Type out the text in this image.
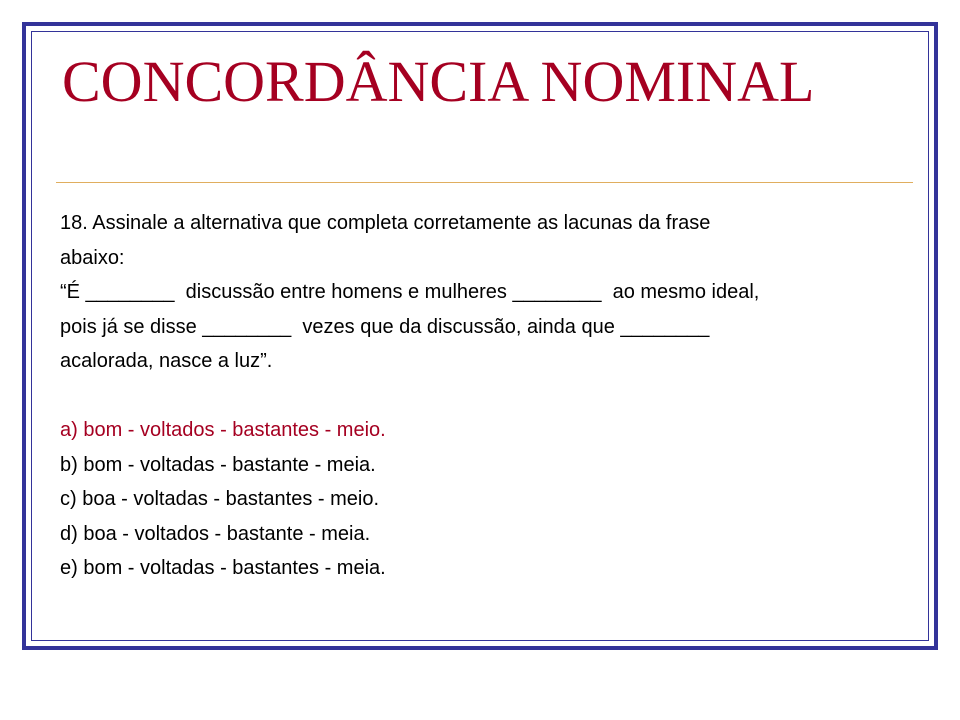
CONCORDÂNCIA NOMINAL
18. Assinale a alternativa que completa corretamente as lacunas da frase
abaixo:
“É ________  discussão entre homens e mulheres ________  ao mesmo ideal,
pois já se disse ________  vezes que da discussão, ainda que ________
acalorada, nasce a luz”.
a) bom - voltados - bastantes - meio.
b) bom - voltadas - bastante - meia.
c) boa - voltadas - bastantes - meio.
d) boa - voltados - bastante - meia.
e) bom - voltadas - bastantes - meia.
